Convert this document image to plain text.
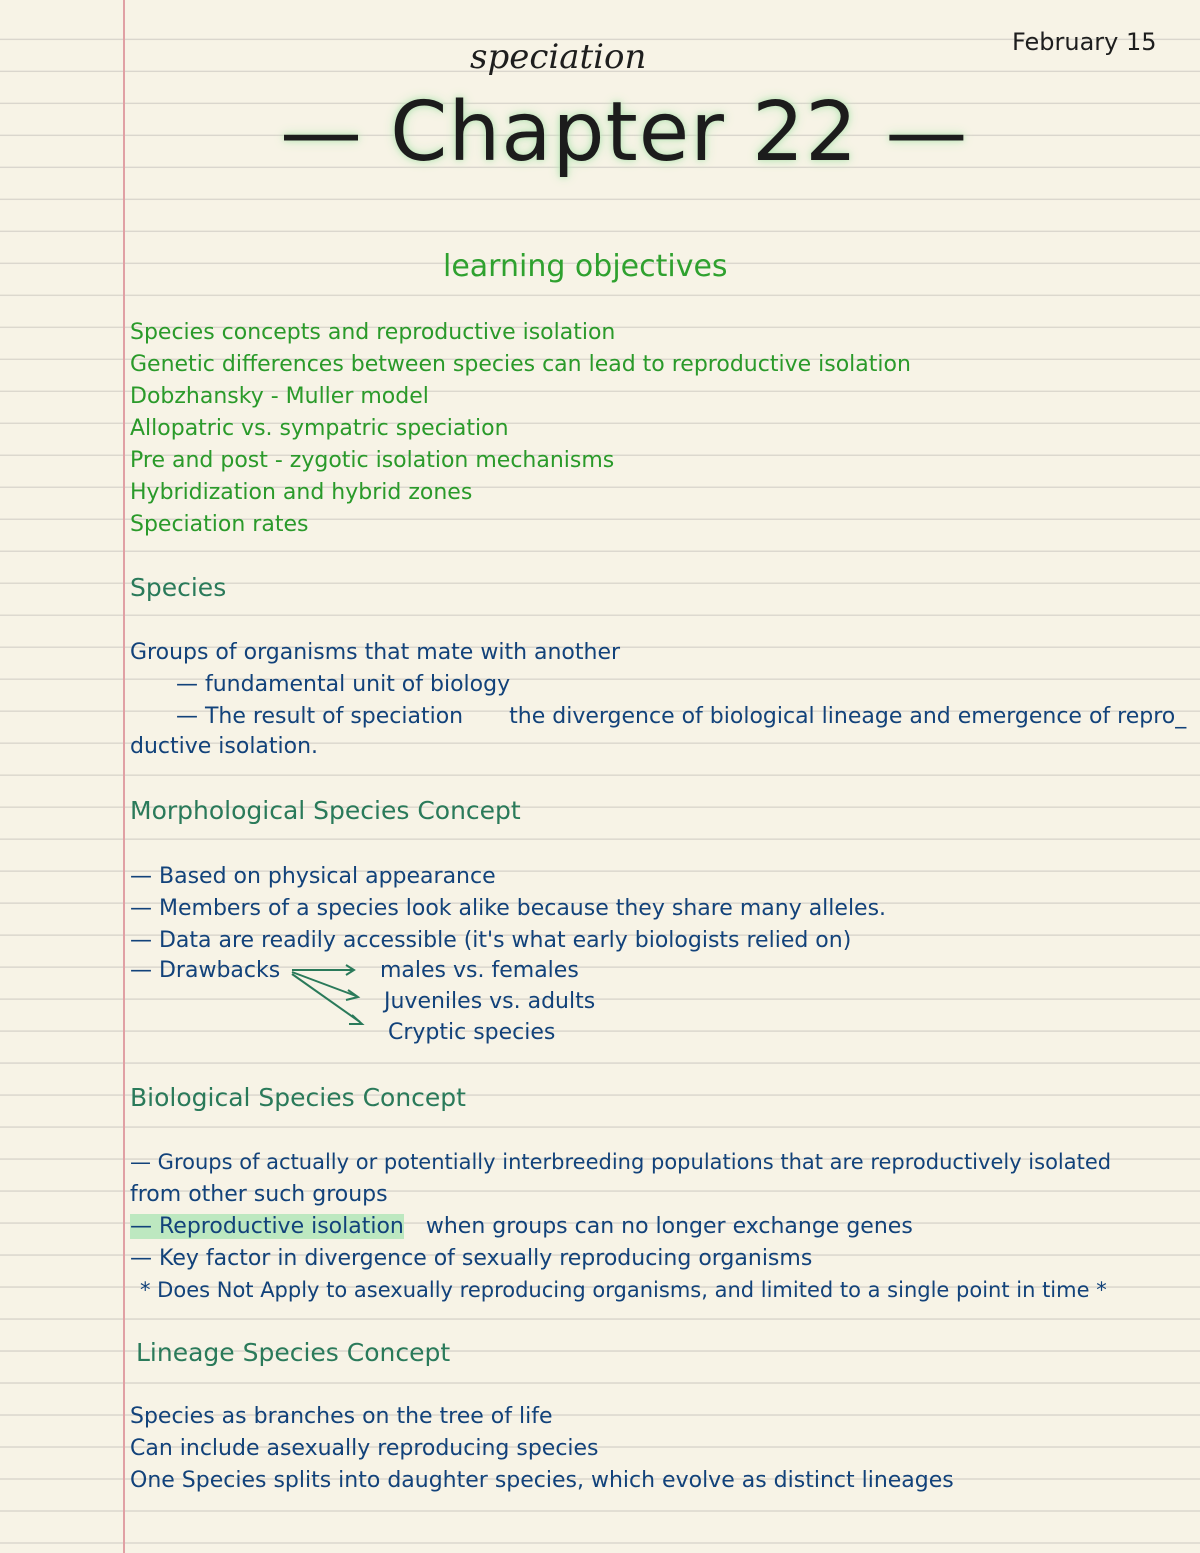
February 15
speciation
— Chapter 22 —
learning objectives
Species concepts and reproductive isolation
Genetic differences between species can lead to reproductive isolation
Dobzhansky - Muller model
Allopatric vs. sympatric speciation
Pre and post - zygotic isolation mechanisms
Hybridization and hybrid zones
Speciation rates
Species
Groups of organisms that mate with another
— fundamental unit of biology
— The result of speciation the divergence of biological lineage and emergence of repro_
ductive isolation.
Morphological Species Concept
— Based on physical appearance
— Members of a species look alike because they share many alleles.
— Data are readily accessible (it's what early biologists relied on)
— Drawbacks	males vs. females
Juveniles vs. adults
Cryptic species
Biological Species Concept
— Groups of actually or potentially interbreeding populations that are reproductively isolated
from other such groups
— Reproductive isolation when groups can no longer exchange genes
— Key factor in divergence of sexually reproducing organisms
* Does Not Apply to asexually reproducing organisms, and limited to a single point in time *
Lineage Species Concept
Species as branches on the tree of life
Can include asexually reproducing species
One Species splits into daughter species, which evolve as distinct lineages
